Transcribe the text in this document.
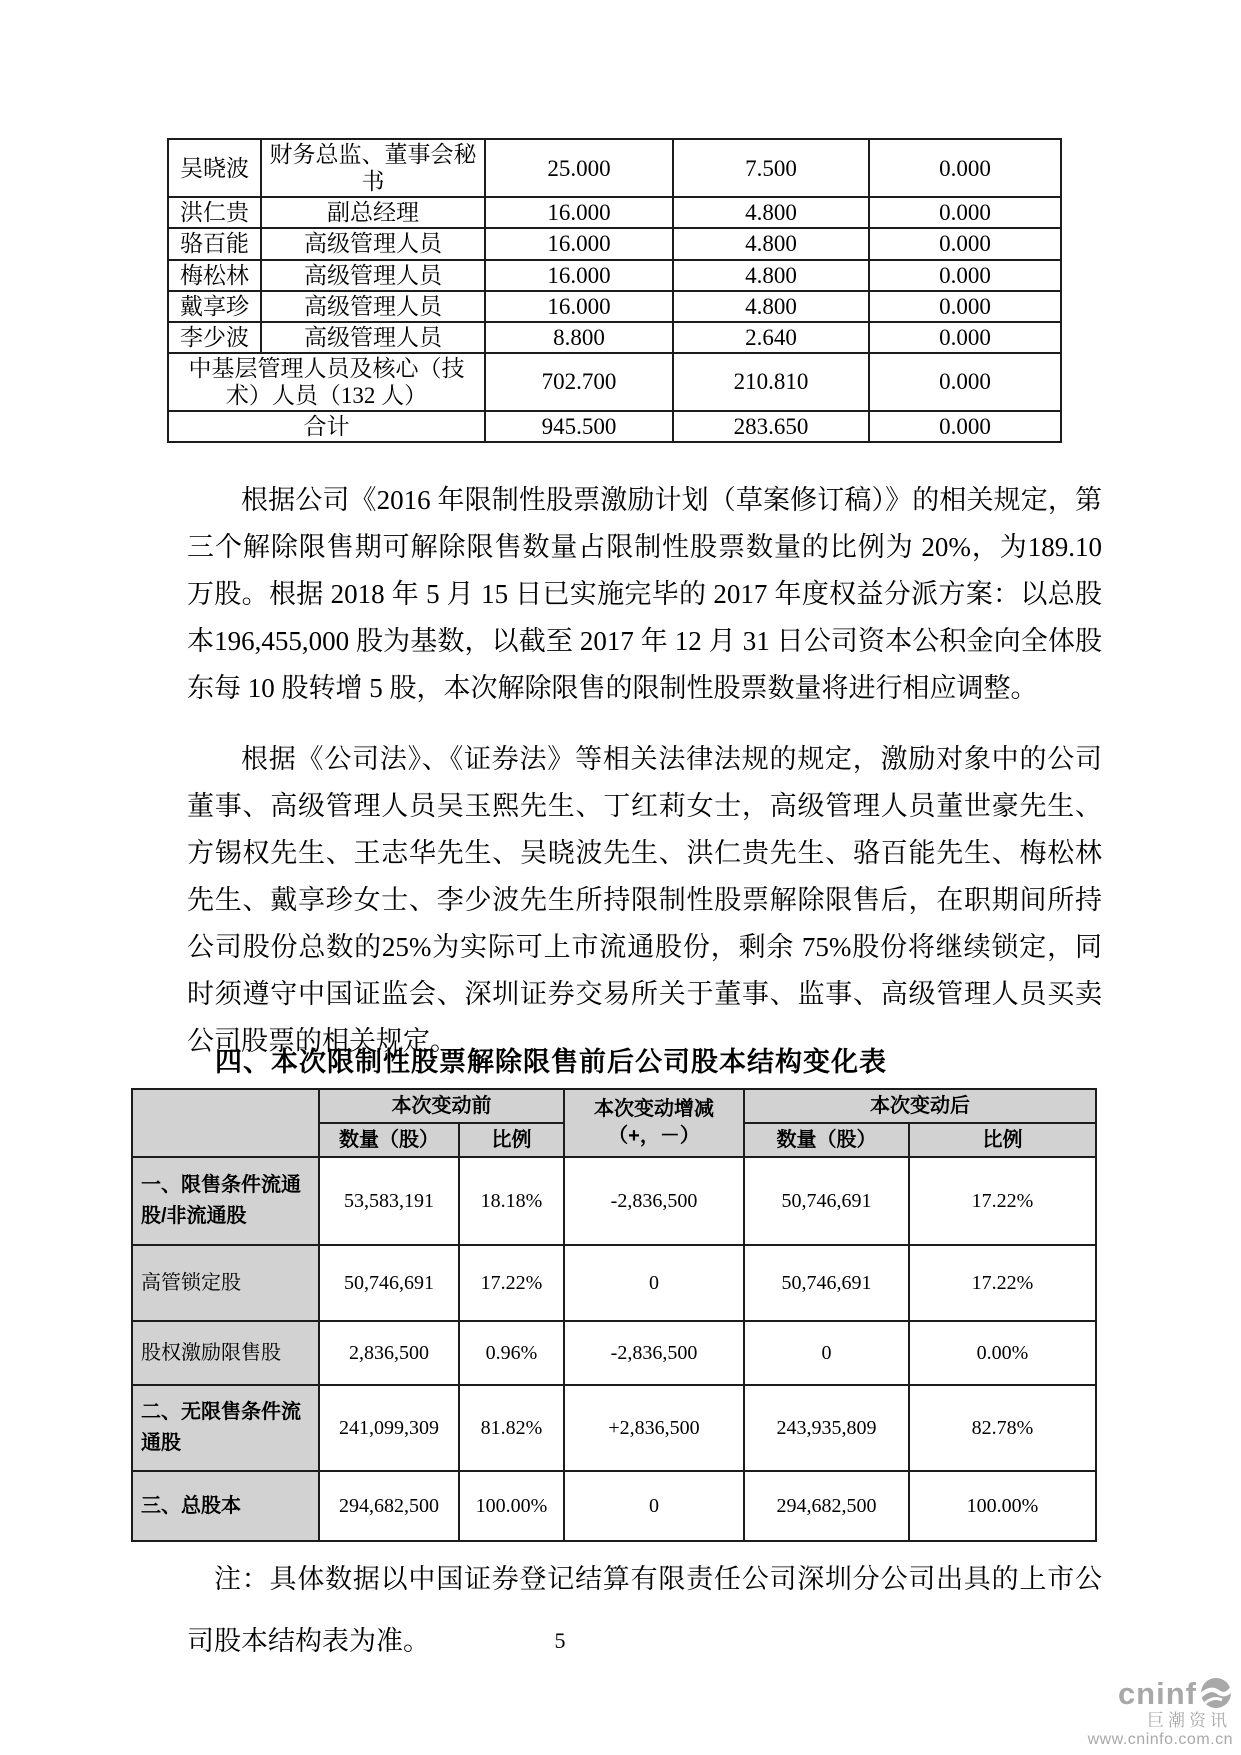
吴晓波	财务总监、董事会秘书	25.000	7.500	0.000
洪仁贵	副总经理	16.000	4.800	0.000
骆百能	高级管理人员	16.000	4.800	0.000
梅松林	高级管理人员	16.000	4.800	0.000
戴享珍	高级管理人员	16.000	4.800	0.000
李少波	高级管理人员	8.800	2.640	0.000
中基层管理人员及核心（技术）人员（132 人）		702.700	210.810	0.000
合计		945.500	283.650	0.000

根据公司《2016 年限制性股票激励计划（草案修订稿）》的相关规定，第三个解除限售期可解除限售数量占限制性股票数量的比例为 20%，为189.10 万股。根据 2018 年 5 月 15 日已实施完毕的 2017 年度权益分派方案：以总股本196,455,000 股为基数，以截至 2017 年 12 月 31 日公司资本公积金向全体股东每 10 股转增 5 股，本次解除限售的限制性股票数量将进行相应调整。

根据《公司法》、《证券法》等相关法律法规的规定，激励对象中的公司董事、高级管理人员吴玉熙先生、丁红莉女士，高级管理人员董世豪先生、方锡权先生、王志华先生、吴晓波先生、洪仁贵先生、骆百能先生、梅松林先生、戴享珍女士、李少波先生所持限制性股票解除限售后，在职期间所持公司股份总数的25%为实际可上市流通股份，剩余 75%股份将继续锁定，同时须遵守中国证监会、深圳证券交易所关于董事、监事、高级管理人员买卖公司股票的相关规定。

四、本次限制性股票解除限售前后公司股本结构变化表
	本次变动前		本次变动增减（+，－）	本次变动后	
	数量（股）	比例		数量（股）	比例
一、限售条件流通股/非流通股	53,583,191	18.18%	-2,836,500	50,746,691	17.22%
高管锁定股	50,746,691	17.22%	0	50,746,691	17.22%
股权激励限售股	2,836,500	0.96%	-2,836,500	0	0.00%
二、无限售条件流通股	241,099,309	81.82%	+2,836,500	243,935,809	82.78%
三、总股本	294,682,500	100.00%	0	294,682,500	100.00%

注：具体数据以中国证券登记结算有限责任公司深圳分公司出具的上市公司股本结构表为准。	5
cninf
巨潮资讯
www.cninfo.com.cn
